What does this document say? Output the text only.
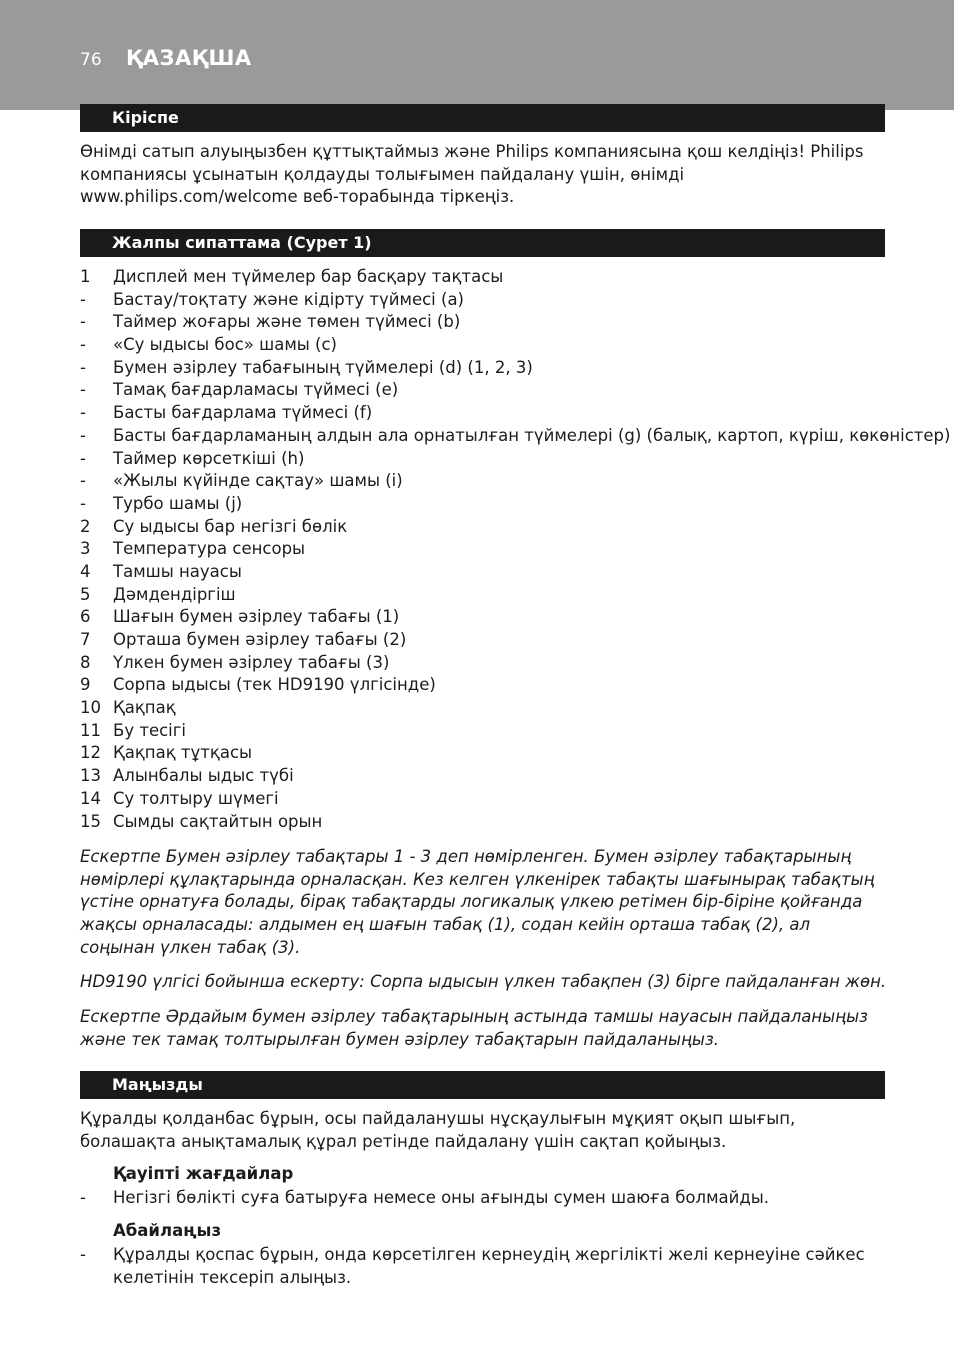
76 ҚАЗАҚША
Кіріспе

Өнімді сатып алуыңызбен құттықтаймыз және Philips компаниясына қош келдіңіз! Philips компаниясы ұсынатын қолдауды толығымен пайдалану үшін, өнімді www.philips.com/welcome веб-торабында тіркеңіз.

Жалпы сипаттама (Сурет 1)
1	Дисплей мен түймелер бар басқару тақтасы
-	Бастау/тоқтату және кідірту түймесі (a)
-	Таймер жоғары және төмен түймесі (b)
-	«Су ыдысы бос» шамы (c)
-	Бумен әзірлеу табағының түймелері (d) (1, 2, 3)
-	Тамақ бағдарламасы түймесі (e)
-	Басты бағдарлама түймесі (f)
-	Басты бағдарламаның алдын ала орнатылған түймелері (g) (балық, картоп, күріш, көкөністер)
-	Таймер көрсеткіші (h)
-	«Жылы күйінде сақтау» шамы (i)
-	Турбо шамы (j)
2	Су ыдысы бар негізгі бөлік
3	Температура сенсоры
4	Тамшы науасы
5	Дәмдендіргіш
6	Шағын бумен әзірлеу табағы (1)
7	Орташа бумен әзірлеу табағы (2)
8	Үлкен бумен әзірлеу табағы (3)
9	Сорпа ыдысы (тек HD9190 үлгісінде)
10 Қақпақ
11 Бу тесігі
12 Қақпақ тұтқасы
13 Алынбалы ыдыс түбі
14 Су толтыру шүмегі
15 Сымды сақтайтын орын

Ескертпе Бумен әзірлеу табақтары 1 - 3 деп нөмірленген. Бумен әзірлеу табақтарының нөмірлері құлақтарында орналасқан. Кез келген үлкенірек табақты шағынырақ табақтың үстіне орнатуға болады, бірақ табақтарды логикалық үлкею ретімен бір-біріне қойғанда жақсы орналасады: алдымен ең шағын табақ (1), содан кейін орташа табақ (2), ал соңынан үлкен табақ (3).

HD9190 үлгісі бойынша ескерту: Сорпа ыдысын үлкен табақпен (3) бірге пайдаланған жөн.

Ескертпе Әрдайым бумен әзірлеу табақтарының астында тамшы науасын пайдаланыңыз және тек тамақ толтырылған бумен әзірлеу табақтарын пайдаланыңыз.

Маңызды

Құралды қолданбас бұрын, осы пайдаланушы нұсқаулығын мұқият оқып шығып, болашақта анықтамалық құрал ретінде пайдалану үшін сақтап қойыңыз.

Қауіпті жағдайлар
- Негізгі бөлікті суға батыруға немесе оны ағынды сумен шаюға болмайды.
Абайлаңыз
- Құралды қоспас бұрын, онда көрсетілген кернеудің жергілікті желі кернеуіне сәйкес келетінін тексеріп алыңыз.
